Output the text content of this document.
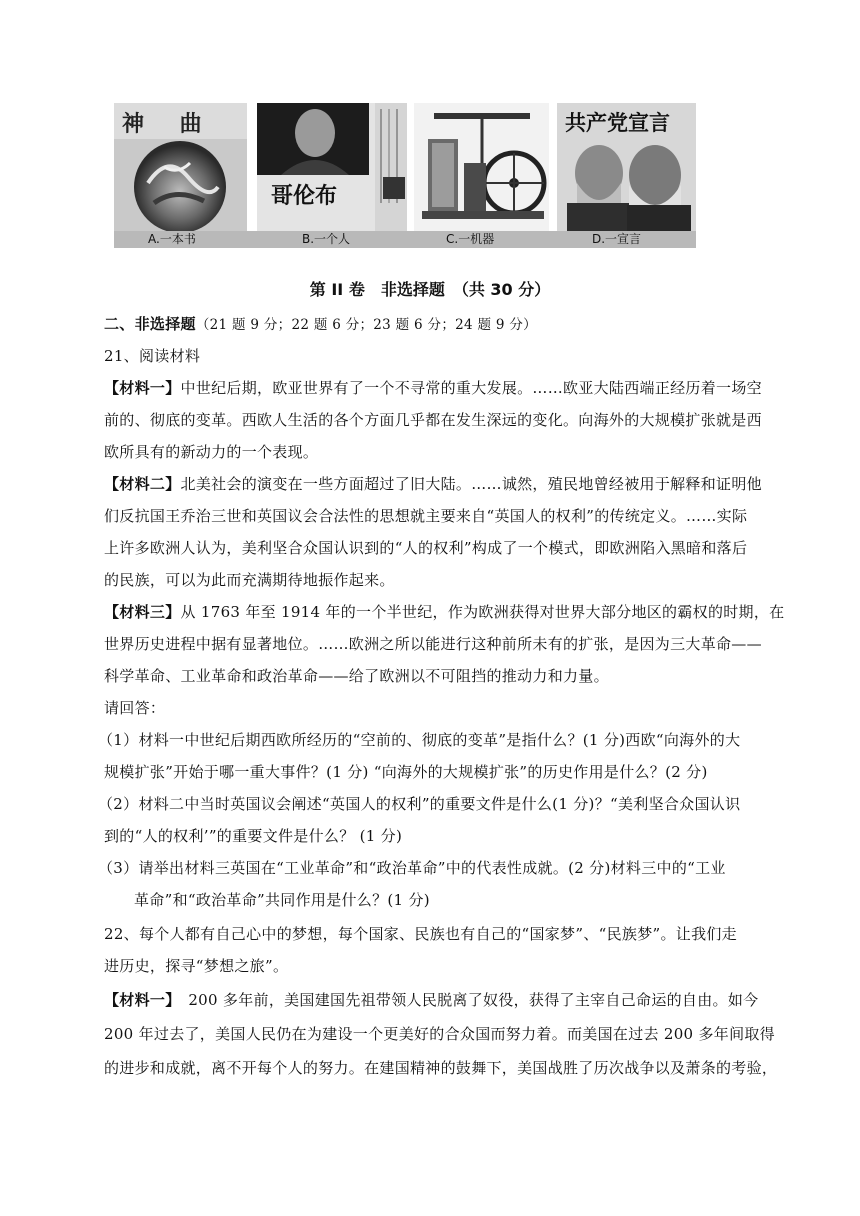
神 曲
哥伦布
共产党宣言
A.一本书	B.一个人	C.一机器	D.一宣言
第 II 卷　非选择题　（共 30 分）
二、非选择题（21 题 9 分；22 题 6 分；23 题 6 分；24 题 9 分）
21、阅读材料
【材料一】中世纪后期，欧亚世界有了一个不寻常的重大发展。……欧亚大陆西端正经历着一场空
前的、彻底的变革。西欧人生活的各个方面几乎都在发生深远的变化。向海外的大规模扩张就是西
欧所具有的新动力的一个表现。
【材料二】北美社会的演变在一些方面超过了旧大陆。……诚然，殖民地曾经被用于解释和证明他
们反抗国王乔治三世和英国议会合法性的思想就主要来自“英国人的权利”的传统定义。……实际
上许多欧洲人认为，美利坚合众国认识到的“人的权利”构成了一个模式，即欧洲陷入黑暗和落后
的民族，可以为此而充满期待地振作起来。
【材料三】从 1763 年至 1914 年的一个半世纪，作为欧洲获得对世界大部分地区的霸权的时期，在
世界历史进程中据有显著地位。……欧洲之所以能进行这种前所未有的扩张，是因为三大革命——
科学革命、工业革命和政治革命——给了欧洲以不可阻挡的推动力和力量。
请回答：
（1）材料一中世纪后期西欧所经历的“空前的、彻底的变革”是指什么？(1 分)西欧“向海外的大
规模扩张”开始于哪一重大事件？(1 分) “向海外的大规模扩张”的历史作用是什么？(2 分)
（2）材料二中当时英国议会阐述“英国人的权利”的重要文件是什么(1 分)？“美利坚合众国认识
到的“人的权利’”的重要文件是什么？ (1 分)
（3）请举出材料三英国在“工业革命”和“政治革命”中的代表性成就。(2 分)材料三中的“工业
革命”和“政治革命”共同作用是什么？(1 分)
22、每个人都有自己心中的梦想，每个国家、民族也有自己的“国家梦”、“民族梦”。让我们走
进历史，探寻“梦想之旅”。
【材料一】　200 多年前，美国建国先祖带领人民脱离了奴役，获得了主宰自己命运的自由。如今
200 年过去了，美国人民仍在为建设一个更美好的合众国而努力着。而美国在过去 200 多年间取得
的进步和成就，离不开每个人的努力。在建国精神的鼓舞下，美国战胜了历次战争以及萧条的考验，
